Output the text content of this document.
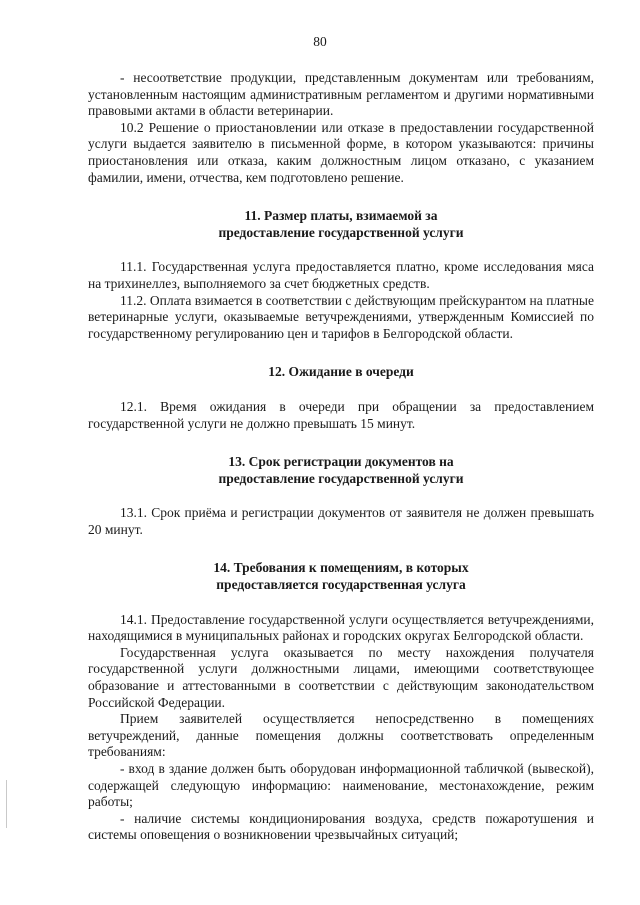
80

- несоответствие продукции, представленным документам или требованиям, установленным настоящим административным регламентом и другими нормативными правовыми актами в области ветеринарии.

10.2 Решение о приостановлении или отказе в предоставлении государственной услуги выдается заявителю в письменной форме, в котором указываются: причины приостановления или отказа, каким должностным лицом отказано, с указанием фамилии, имени, отчества, кем подготовлено решение.

11. Размер платы, взимаемой за
предоставление государственной услуги

11.1. Государственная услуга предоставляется платно, кроме исследования мяса на трихинеллез, выполняемого за счет бюджетных средств.

11.2. Оплата взимается в соответствии с действующим прейскурантом на платные ветеринарные услуги, оказываемые ветучреждениями, утвержденным Комиссией по государственному регулированию цен и тарифов в Белгородской области.

12. Ожидание в очереди

12.1. Время ожидания в очереди при обращении за предоставлением государственной услуги не должно превышать 15 минут.

13. Срок регистрации документов на
предоставление государственной услуги

13.1. Срок приёма и регистрации документов от заявителя не должен превышать 20 минут.

14. Требования к помещениям, в которых
предоставляется государственная услуга

14.1. Предоставление государственной услуги осуществляется ветучреждениями, находящимися в муниципальных районах и городских округах Белгородской области.

Государственная услуга оказывается по месту нахождения получателя государственной услуги должностными лицами, имеющими соответствующее образование и аттестованными в соответствии с действующим законодательством Российской Федерации.

Прием заявителей осуществляется непосредственно в помещениях ветучреждений, данные помещения должны соответствовать определенным требованиям:

- вход в здание должен быть оборудован информационной табличкой (вывеской), содержащей следующую информацию: наименование, местонахождение, режим работы;

- наличие системы кондиционирования воздуха, средств пожаротушения и системы оповещения о возникновении чрезвычайных ситуаций;
